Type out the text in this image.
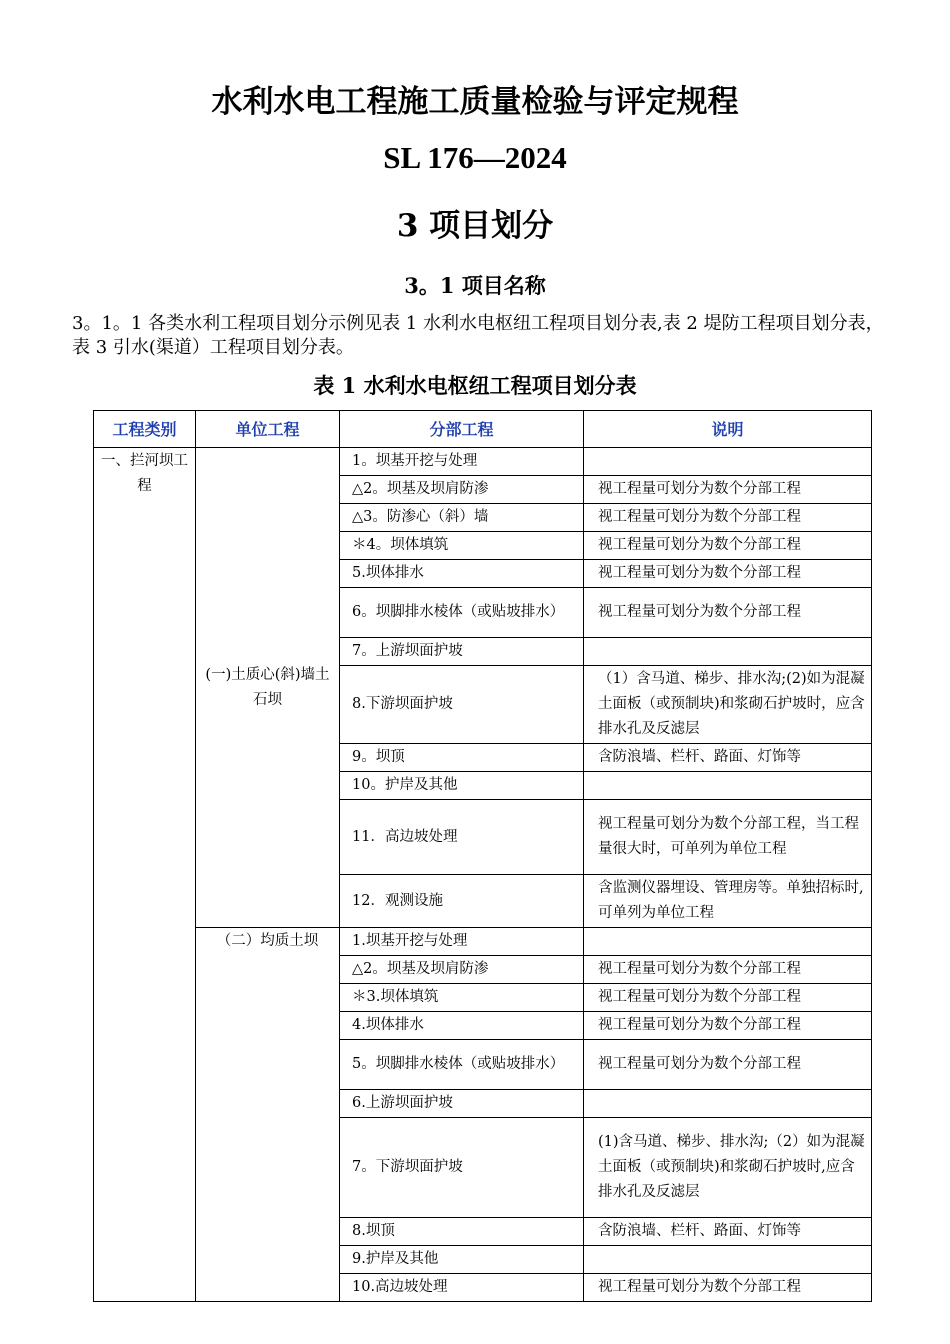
水利水电工程施工质量检验与评定规程
SL 176—2024
3 项目划分
3。1 项目名称
3。1。1 各类水利工程项目划分示例见表 1 水利水电枢纽工程项目划分表,表 2 堤防工程项目划分表，表 3 引水(渠道）工程项目划分表。
表 1 水利水电枢纽工程项目划分表
工程类别	单位工程	分部工程	说明
一、拦河坝工程	(一)土质心(斜)墙土石坝	1。坝基开挖与处理	
		△2。坝基及坝肩防渗	视工程量可划分为数个分部工程
		△3。防渗心（斜）墙	视工程量可划分为数个分部工程
		＊4。坝体填筑	视工程量可划分为数个分部工程
		5.坝体排水	视工程量可划分为数个分部工程
		6。坝脚排水棱体（或贴坡排水）	视工程量可划分为数个分部工程
		7。上游坝面护坡	
		8.下游坝面护坡	（1）含马道、梯步、排水沟;(2)如为混凝土面板（或预制块)和浆砌石护坡时，应含排水孔及反滤层
		9。坝顶	含防浪墙、栏杆、路面、灯饰等
		10。护岸及其他	
		11．高边坡处理	视工程量可划分为数个分部工程，当工程量很大时，可单列为单位工程
		12．观测设施	含监测仪器埋设、管理房等。单独招标时,可单列为单位工程

	（二）均质土坝	1.坝基开挖与处理	
		△2。坝基及坝肩防渗	视工程量可划分为数个分部工程
		＊3.坝体填筑	视工程量可划分为数个分部工程
		4.坝体排水	视工程量可划分为数个分部工程
		5。坝脚排水棱体（或贴坡排水）	视工程量可划分为数个分部工程
		6.上游坝面护坡	
		7。下游坝面护坡	(1)含马道、梯步、排水沟;（2）如为混凝土面板（或预制块)和浆砌石护坡时,应含排水孔及反滤层
		8.坝顶	含防浪墙、栏杆、路面、灯饰等
		9.护岸及其他	
		10.高边坡处理	视工程量可划分为数个分部工程
